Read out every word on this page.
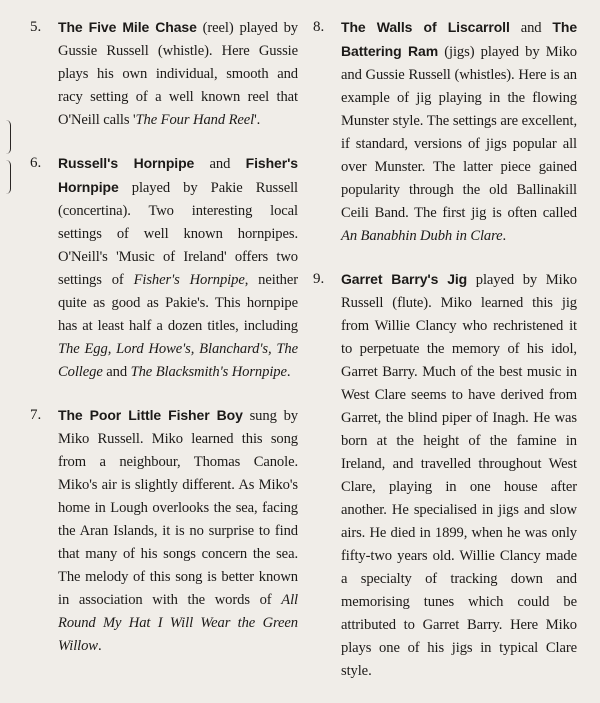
5. The Five Mile Chase (reel) played by Gussie Russell (whistle). Here Gussie plays his own individual, smooth and racy setting of a well known reel that O'Neill calls 'The Four Hand Reel'.
6. Russell's Hornpipe and Fisher's Hornpipe played by Pakie Russell (concertina). Two interesting local settings of well known hornpipes. O'Neill's 'Music of Ireland' offers two settings of Fisher's Hornpipe, neither quite as good as Pakie's. This hornpipe has at least half a dozen titles, including The Egg, Lord Howe's, Blanchard's, The College and The Blacksmith's Hornpipe.
7. The Poor Little Fisher Boy sung by Miko Russell. Miko learned this song from a neighbour, Thomas Canole. Miko's air is slightly different. As Miko's home in Lough overlooks the sea, facing the Aran Islands, it is no surprise to find that many of his songs concern the sea. The melody of this song is better known in association with the words of All Round My Hat I Will Wear the Green Willow.
8. The Walls of Liscarroll and The Battering Ram (jigs) played by Miko and Gussie Russell (whistles). Here is an example of jig playing in the flowing Munster style. The settings are excellent, if standard, versions of jigs popular all over Munster. The latter piece gained popularity through the old Ballinakill Ceili Band. The first jig is often called An Banabhin Dubh in Clare.
9. Garret Barry's Jig played by Miko Russell (flute). Miko learned this jig from Willie Clancy who rechristened it to perpetuate the memory of his idol, Garret Barry. Much of the best music in West Clare seems to have derived from Garret, the blind piper of Inagh. He was born at the height of the famine in Ireland, and travelled throughout West Clare, playing in one house after another. He specialised in jigs and slow airs. He died in 1899, when he was only fifty-two years old. Willie Clancy made a specialty of tracking down and memorising tunes which could be attributed to Garret Barry. Here Miko plays one of his jigs in typical Clare style.
